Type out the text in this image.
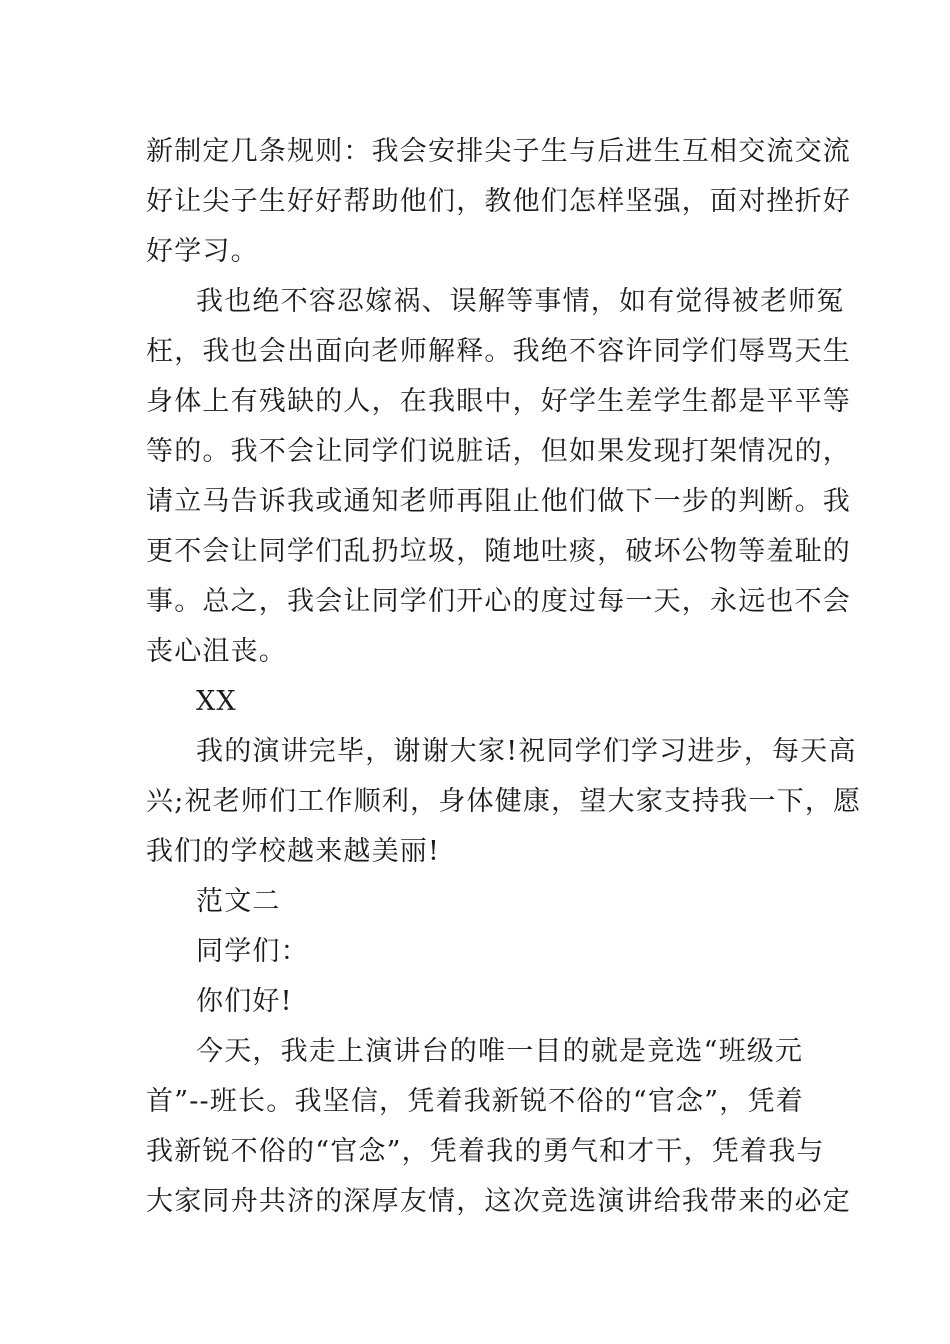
新制定几条规则：我会安排尖子生与后进生互相交流交流
好让尖子生好好帮助他们，教他们怎样坚强，面对挫折好
好学习。
我也绝不容忍嫁祸、误解等事情，如有觉得被老师冤
枉，我也会出面向老师解释。我绝不容许同学们辱骂天生
身体上有残缺的人，在我眼中，好学生差学生都是平平等
等的。我不会让同学们说脏话，但如果发现打架情况的，
请立马告诉我或通知老师再阻止他们做下一步的判断。我
更不会让同学们乱扔垃圾，随地吐痰，破坏公物等羞耻的
事。总之，我会让同学们开心的度过每一天，永远也不会
丧心沮丧。
XX
我的演讲完毕，谢谢大家!祝同学们学习进步，每天高
兴;祝老师们工作顺利，身体健康，望大家支持我一下，愿
我们的学校越来越美丽!
范文二
同学们：
你们好!
今天，我走上演讲台的唯一目的就是竞选“班级元
首”--班长。我坚信，凭着我新锐不俗的“官念”，凭着
我新锐不俗的“官念”，凭着我的勇气和才干，凭着我与
大家同舟共济的深厚友情，这次竞选演讲给我带来的必定
